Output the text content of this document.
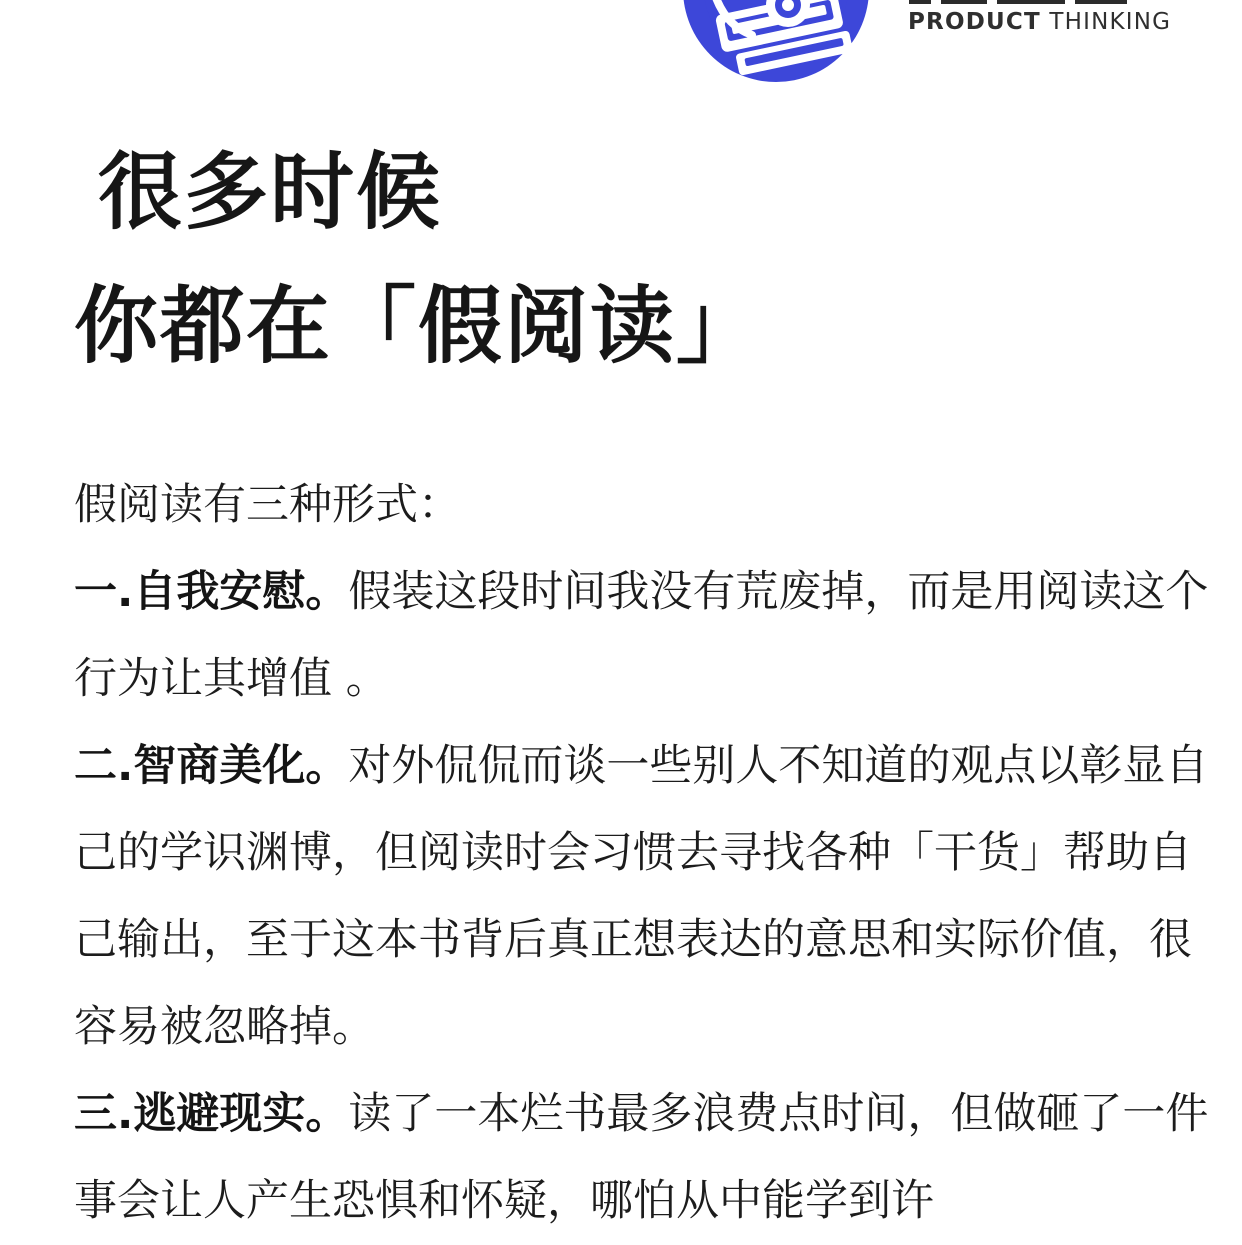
PRODUCT THINKING
很多时候
你都在「假阅读」

假阅读有三种形式：

一.自我安慰。假装这段时间我没有荒废掉，而是用阅读这个行为让其增值 。

二.智商美化。对外侃侃而谈一些别人不知道的观点以彰显自己的学识渊博，但阅读时会习惯去寻找各种「干货」帮助自己输出，至于这本书背后真正想表达的意思和实际价值，很容易被忽略掉。

三.逃避现实。读了一本烂书最多浪费点时间，但做砸了一件事会让人产生恐惧和怀疑，哪怕从中能学到许
